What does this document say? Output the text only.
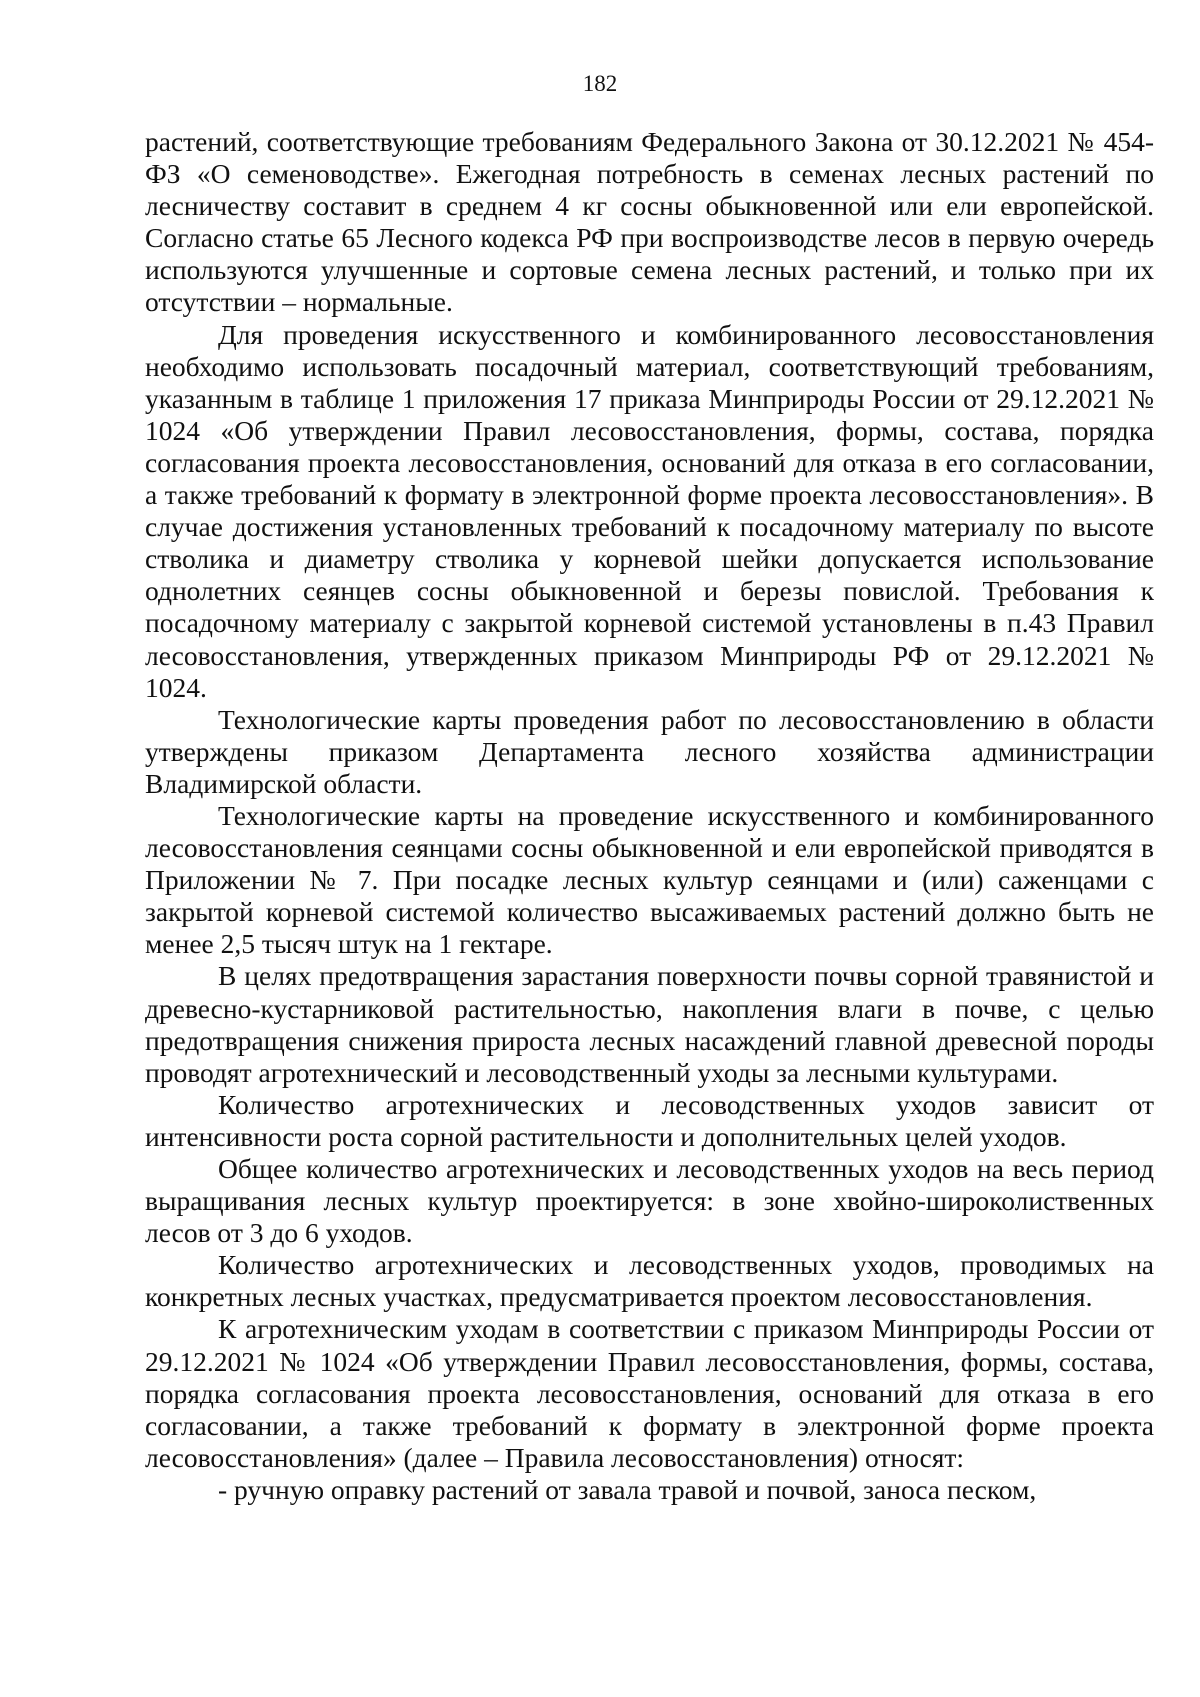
182

растений, соответствующие требованиям Федерального Закона от 30.12.2021 № 454-ФЗ «О семеноводстве». Ежегодная потребность в семенах лесных растений по лесничеству составит в среднем 4 кг сосны обыкновенной или ели европейской. Согласно статье 65 Лесного кодекса РФ при воспроизводстве лесов в первую очередь используются улучшенные и сортовые семена лесных растений, и только при их отсутствии – нормальные.

Для проведения искусственного и комбинированного лесовосстановления необходимо использовать посадочный материал, соответствующий требованиям, указанным в таблице 1 приложения 17 приказа Минприроды России от 29.12.2021 № 1024 «Об утверждении Правил лесовосстановления, формы, состава, порядка согласования проекта лесовосстановления, оснований для отказа в его согласовании, а также требований к формату в электронной форме проекта лесовосстановления». В случае достижения установленных требований к посадочному материалу по высоте стволика и диаметру стволика у корневой шейки допускается использование однолетних сеянцев сосны обыкновенной и березы повислой. Требования к посадочному материалу с закрытой корневой системой установлены в п.43 Правил лесовосстановления, утвержденных приказом Минприроды РФ от 29.12.2021 № 1024.

Технологические карты проведения работ по лесовосстановлению в области утверждены приказом Департамента лесного хозяйства администрации Владимирской области.

Технологические карты на проведение искусственного и комбинированного лесовосстановления сеянцами сосны обыкновенной и ели европейской приводятся в Приложении № 7. При посадке лесных культур сеянцами и (или) саженцами с закрытой корневой системой количество высаживаемых растений должно быть не менее 2,5 тысяч штук на 1 гектаре.

В целях предотвращения зарастания поверхности почвы сорной травянистой и древесно-кустарниковой растительностью, накопления влаги в почве, с целью предотвращения снижения прироста лесных насаждений главной древесной породы проводят агротехнический и лесоводственный уходы за лесными культурами.

Количество агротехнических и лесоводственных уходов зависит от интенсивности роста сорной растительности и дополнительных целей уходов.

Общее количество агротехнических и лесоводственных уходов на весь период выращивания лесных культур проектируется: в зоне хвойно-широколиственных лесов от 3 до 6 уходов.

Количество агротехнических и лесоводственных уходов, проводимых на конкретных лесных участках, предусматривается проектом лесовосстановления.

К агротехническим уходам в соответствии с приказом Минприроды России от 29.12.2021 № 1024 «Об утверждении Правил лесовосстановления, формы, состава, порядка согласования проекта лесовосстановления, оснований для отказа в его согласовании, а также требований к формату в электронной форме проекта лесовосстановления» (далее – Правила лесовосстановления) относят:

- ручную оправку растений от завала травой и почвой, заноса песком,
